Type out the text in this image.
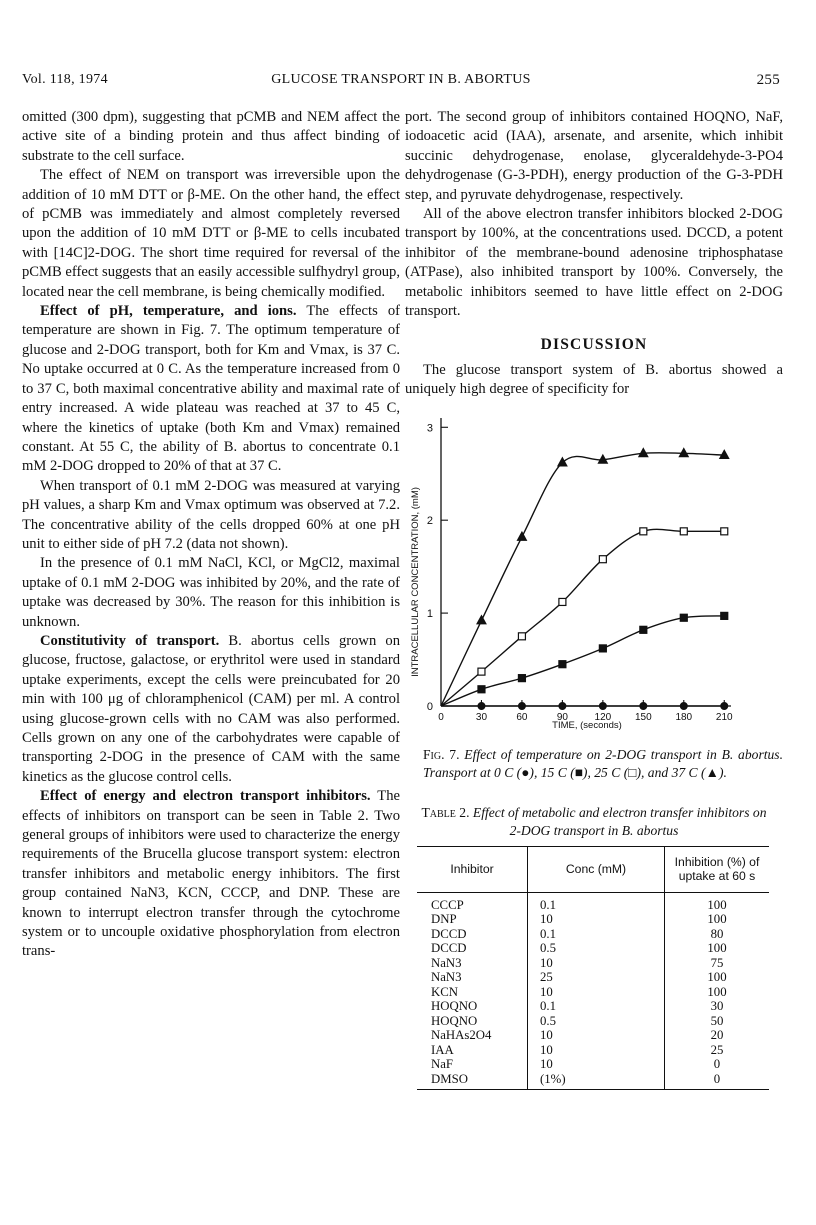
Vol. 118, 1974	GLUCOSE TRANSPORT IN B. ABORTUS	255

omitted (300 dpm), suggesting that pCMB and NEM affect the active site of a binding protein and thus affect binding of substrate to the cell surface.

The effect of NEM on transport was irreversible upon the addition of 10 mM DTT or β-ME. On the other hand, the effect of pCMB was immediately and almost completely reversed upon the addition of 10 mM DTT or β-ME to cells incubated with [14C]2-DOG. The short time required for reversal of the pCMB effect suggests that an easily accessible sulfhydryl group, located near the cell membrane, is being chemically modified.

Effect of pH, temperature, and ions. The effects of temperature are shown in Fig. 7. The optimum temperature of glucose and 2-DOG transport, both for Km and Vmax, is 37 C. No uptake occurred at 0 C. As the temperature increased from 0 to 37 C, both maximal concentrative ability and maximal rate of entry increased. A wide plateau was reached at 37 to 45 C, where the kinetics of uptake (both Km and Vmax) remained constant. At 55 C, the ability of B. abortus to concentrate 0.1 mM 2-DOG dropped to 20% of that at 37 C.

When transport of 0.1 mM 2-DOG was measured at varying pH values, a sharp Km and Vmax optimum was observed at 7.2. The concentrative ability of the cells dropped 60% at one pH unit to either side of pH 7.2 (data not shown).

In the presence of 0.1 mM NaCl, KCl, or MgCl2, maximal uptake of 0.1 mM 2-DOG was inhibited by 20%, and the rate of uptake was decreased by 30%. The reason for this inhibition is unknown.

Constitutivity of transport. B. abortus cells grown on glucose, fructose, galactose, or erythritol were used in standard uptake experiments, except the cells were preincubated for 20 min with 100 μg of chloramphenicol (CAM) per ml. A control using glucose-grown cells with no CAM was also performed. Cells grown on any one of the carbohydrates were capable of transporting 2-DOG in the presence of CAM with the same kinetics as the glucose control cells.

Effect of energy and electron transport inhibitors. The effects of inhibitors on transport can be seen in Table 2. Two general groups of inhibitors were used to characterize the energy requirements of the Brucella glucose transport system: electron transfer inhibitors and metabolic energy inhibitors. The first group contained NaN3, KCN, CCCP, and DNP. These are known to interrupt electron transfer through the cytochrome system or to uncouple oxidative phosphorylation from electron trans-

port. The second group of inhibitors contained HOQNO, NaF, iodoacetic acid (IAA), arsenate, and arsenite, which inhibit succinic dehydrogenase, enolase, glyceraldehyde-3-PO4 dehydrogenase (G-3-PDH), energy production of the G-3-PDH step, and pyruvate dehydrogenase, respectively.

All of the above electron transfer inhibitors blocked 2-DOG transport by 100%, at the concentrations used. DCCD, a potent inhibitor of the membrane-bound adenosine triphosphatase (ATPase), also inhibited transport by 100%. Conversely, the metabolic inhibitors seemed to have little effect on 2-DOG transport.

DISCUSSION

The glucose transport system of B. abortus showed a uniquely high degree of specificity for

0
1
2
3
0	30	60	90	120 150 180 210
INTRACELLULAR CONCENTRATION, (mM)
TIME, (seconds)
Fig. 7. Effect of temperature on 2-DOG transport in B. abortus. Transport at 0 C (●), 15 C (■), 25 C (□), and 37 C (▲).
Table 2. Effect of metabolic and electron transfer inhibitors on 2-DOG transport in B. abortus
Inhibitor	Conc (mM)	Inhibition (%) of uptake at 60 s
CCCP	0.1	100
DNP	10	100
DCCD	0.1	80
DCCD	0.5	100
NaN3	10	75
NaN3	25	100
KCN	10	100
HOQNO	0.1	30
HOQNO	0.5	50
NaHAs2O4	10	20
IAA	10	25
NaF	10	0
DMSO	(1%)	0
